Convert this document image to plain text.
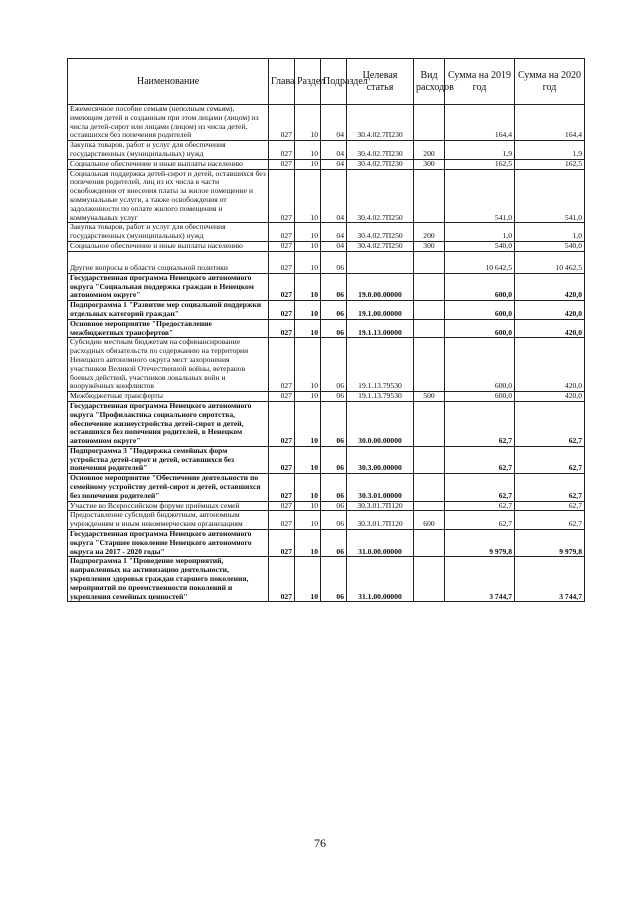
Наименование	Глава	Раздел	Подраздел	Целевая статья	Вид расходов	Сумма на 2019 год	Сумма на 2020 год
Ежемесячное пособие семьям (неполным семьям), имеющим детей и созданным при этом лицами (лицом) из числа детей-сирот или лицами (лицом) из числа детей, оставшихся без попечения родителей	027	10	04	30.4.02.7П230		164,4	164,4
Закупка товаров, работ и услуг для обеспечения государственных (муниципальных) нужд	027	10	04	30.4.02.7П230	200	1,9	1,9
Социальное обеспечение и иные выплаты населению	027	10	04	30.4.02.7П230	300	162,5	162,5
Социальная поддержка детей-сирот и детей, оставшихся без попечения родителей, лиц из их числа в части освобождения от внесения платы за жилое помещение и коммунальные услуги, а также освобождения от задолженности по оплате жилого помещения и коммунальных услуг	027	10	04	30.4.02.7П250		541,0	541,0
Закупка товаров, работ и услуг для обеспечения государственных (муниципальных) нужд	027	10	04	30.4.02.7П250	200	1,0	1,0
Социальное обеспечение и иные выплаты населению	027	10	04	30.4.02.7П250	300	540,0	540,0
Другие вопросы в области социальной политики	027	10	06			10 642,5	10 462,5
Государственная программа Ненецкого автономного округа "Социальная поддержка граждан в Ненецком автономном округе"	027	10	06	19.0.00.00000		600,0	420,0
Подпрограмма 1 "Развитие мер социальной поддержки отдельных категорий граждан"	027	10	06	19.1.00.00000		600,0	420,0
Основное мероприятие "Предоставление межбюджетных трансфертов"	027	10	06	19.1.13.00000		600,0	420,0
Субсидии местным бюджетам на софинансирование расходных обязательств по содержанию на территории Ненецкого автономного округа мест захоронения участников Великой Отечественной войны, ветеранов боевых действий, участников локальных войн и вооружённых конфликтов	027	10	06	19.1.13.79530		600,0	420,0
Межбюджетные трансферты	027	10	06	19.1.13.79530	500	600,0	420,0
Государственная программа Ненецкого автономного округа "Профилактика социального сиротства, обеспечение жизнеустройства детей-сирот и детей, оставшихся без попечения родителей, в Ненецком автономном округе"	027	10	06	30.0.00.00000		62,7	62,7
Подпрограмма 3 "Поддержка семейных форм устройства детей-сирот и детей, оставшихся без попечения родителей"	027	10	06	30.3.00.00000		62,7	62,7
Основное мероприятие "Обеспечение деятельности по семейному устройству детей-сирот и детей, оставшихся без попечения родителей"	027	10	06	30.3.01.00000		62,7	62,7
Участие во Всероссийском форуме приёмных семей	027	10	06	30.3.01.7П120		62,7	62,7
Предоставление субсидий бюджетным, автономным учреждениям и иным некоммерческим организациям	027	10	06	30.3.01.7П120	600	62,7	62,7
Государственная программа Ненецкого автономного округа "Старшее поколение Ненецкого автономного округа на 2017 - 2020 годы"	027	10	06	31.0.00.00000		9 979,8	9 979,8
Подпрограмма 1 "Проведение мероприятий, направленных на активизацию деятельности, укрепления здоровья граждан старшего поколения, мероприятий по преемственности поколений и укрепления семейных ценностей"	027	10	06	31.1.00.00000		3 744,7	3 744,7
76
